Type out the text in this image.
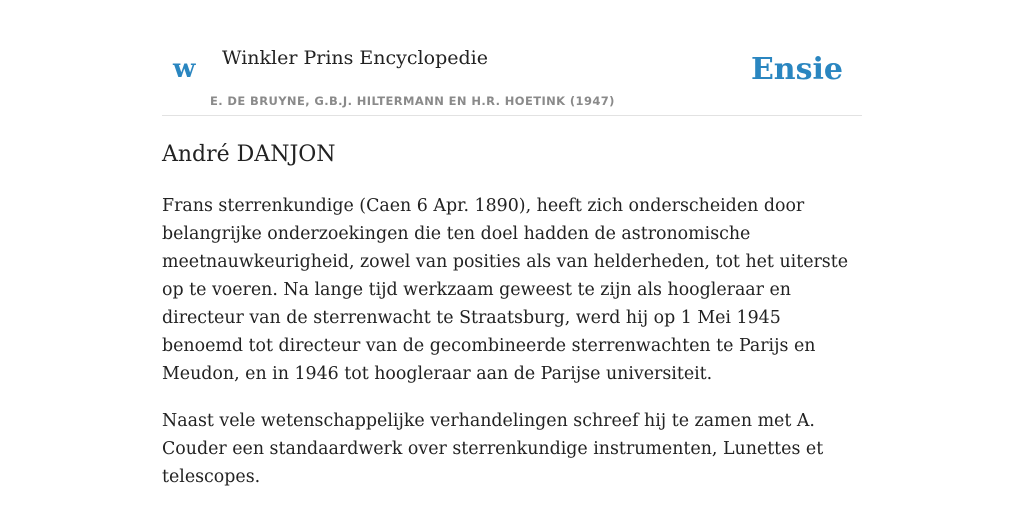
w Winkler Prins Encyclopedie
E. DE BRUYNE, G.B.J. HILTERMANN EN H.R. HOETINK (1947)
Ensie
André DANJON

Frans sterrenkundige (Caen 6 Apr. 1890), heeft zich onderscheiden door belangrijke onderzoekingen die ten doel hadden de astronomische meetnauwkeurigheid, zowel van posities als van helderheden, tot het uiterste op te voeren. Na lange tijd werkzaam geweest te zijn als hoogleraar en directeur van de sterrenwacht te Straatsburg, werd hij op 1 Mei 1945 benoemd tot directeur van de gecombineerde sterrenwachten te Parijs en Meudon, en in 1946 tot hoogleraar aan de Parijse universiteit.

Naast vele wetenschappelijke verhandelingen schreef hij te zamen met A. Couder een standaardwerk over sterrenkundige instrumenten, Lunettes et telescopes.
